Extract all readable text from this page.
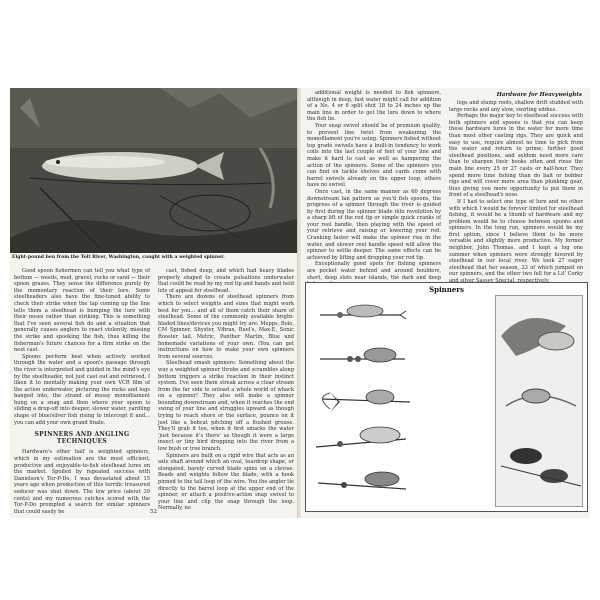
Eight-pound hen from the Tolt River, Washington, caught with a weighted spinner.

Good spoon fishermen can tell you what type of bottom — weeds, mud, gravel, rocks or sand — their spoon grazes. They sense the difference purely by the momentary reaction of their lure. Some steelheaders also have the fine-tuned ability to check their strike when the tap coming up the line tells them a steelhead is bumping the lure with their noses rather than striking. This is something that I've seen several fish do and a situation that generally causes anglers to react violently, missing the strike and spooking the fish, thus killing the fisherman's future chances for a firm strike on the next cast.

Spoons perform best when actively worked through the water and a spoon's passage through the river is interpreted and guided in the mind's eye by the steelheader, not just cast out and retrieved. I liken it to mentally making your own VCR film of the action underwater, picturing the rocks and logs banged into, the strand of mossy monofilament hung on a snag and then where your spoon is sliding a drop-off into deeper, slower water, yardling shape of blue/silver fish rising to intercept it and... you can add your own grand finale.

SPINNERS AND ANGLING TECHNIQUES

Hardware's other half is weighted spinners, which in my estimation are the most efficient, productive and enjoyable-to-fish steelhead lures on the market. Spoiled by repeated success with Danielson's Tor-P-Do, I was devastated about 15 years ago when production of this terrific treasured seducer was shut down. The low price (about 39 cents) and my numerous catches scored with the Tor-P-Do prompted a search for similar spinners that could easily be

cast, fished deep, and which had heavy blades properly shaped to create pulsations underwater that could be read by my rod tip and hands and held lots of appeal for steelhead.

There are dozens of steelhead spinners from which to select weights and sizes that might work best for you... and all of them catch their share of steelhead. Some of the commonly available bright-bladed lines/devices you might try are: Mepps, Bolo, CM Spinner, Shyster, Vibrax, Buel's, Max-E, Sonic Rooster tail, Metric, Panther Martin, Blue and homemade variations of your own. (You can get instructions on how to make your own spinners from several sources.

Steelhead smash spinners. Something about the way a weighted spinner throbs and scrambles along bottom triggers a strike reaction in their instinct system. I've seen them streak across a clear stream from the far side to unload a whole world of whack on a spinner! They also will make a spinner bounding downstream and, when it reaches the end swing of your line and struggles upward as though trying to reach shore or the surface, pounce on it just like a bobcat pitching off a flushed grouse. They'll grab it too, when it first smacks the water 'just because it's there' as though it were a large insect or tiny bird dropping into the river from a low bush or tree branch.

Spinners are built on a rigid wire that acts as an axle shaft around which an oval, teardrop shape, or elongated, barely curved blade spins on a clevise. Beads and weights follow the blade, with a hook pinned to the tail loop of the wire. You the angler tie directly to the barrel loop at the upper end of the spinner, or attach a positive-action snap swivel to your line and clip the snap through the loop. Normally, no

52
Hardware for Heavyweights

additional weight is needed to fish spinners, although in deep, fast water might call for addition of a No. 4 or 6 split shot 18 to 24 inches up the main line in order to get the lure down to where the fish lie.

Your snap swivel should be of premium quality, to prevent line twist from weakening the monofilament you're using. Spinners fished without top grade swivels have a built-in tendency to work coils into the last couple of feet of your line and make it hard to cast as well as hampering the action of the spinners. Some of the spinners you can find on tackle shelves and cards come with barrel swivels already on the upper loop, others have no swivel.

Once cast, in the same manner as 60 degrees downstream fan pattern as you'd fish spoons, the progress of a spinner through the river is guided by first during the spinner blade into revolution by a sharp lift of the rod tip or simple quick cranks of your reel handle, then playing with the speed of your retrieve and raising or lowering your rod. Cranking faster will make the spinner rise in the water, and slower reel handle speed will allow the spinner to settle deeper. The same effects can be achieved by lifting and dropping your rod tip.

Exceptionally good spots for fishing spinners are pocket water behind and around boulders, short, deep slots near islands, the dark and deep

logs and stump roots, shallow drift studded with large rocks and any slow, swirling eddies.

Perhaps the major key to steelhead success with both spinners and spoons is that you can keep these hardware lures in the water for more time than most other casting rigs. They are quick and easy to use, require almost no time to pick from the water and return to prime; further good steelhead positions, and seldom need more care than to sharpen their hooks often and rinse the main line every 25 or 27 casts or half-hour. They spend more time fishing than do bait or bobber rigs and will cover more area than plunking gear, thus giving you more opportunity to put them in front of a steelhead's nose.

If I had to select one type of lure and no other with which I would be forever limited for steelhead fishing, it would be a thumb of hardware and my problem would be to choose between spoons and spinners. In the long run, spinners would be my first option, since I believe them to be more versatile and slightly more productive. My former neighbor, John Thomas, and I kept a log one summer when spinners were strongly favored by steelhead in our local river. We took 27 eager steelhead that her season, 23 of which jumped on our spinners, and the other two fell for a Lil' Corky

Spinners
